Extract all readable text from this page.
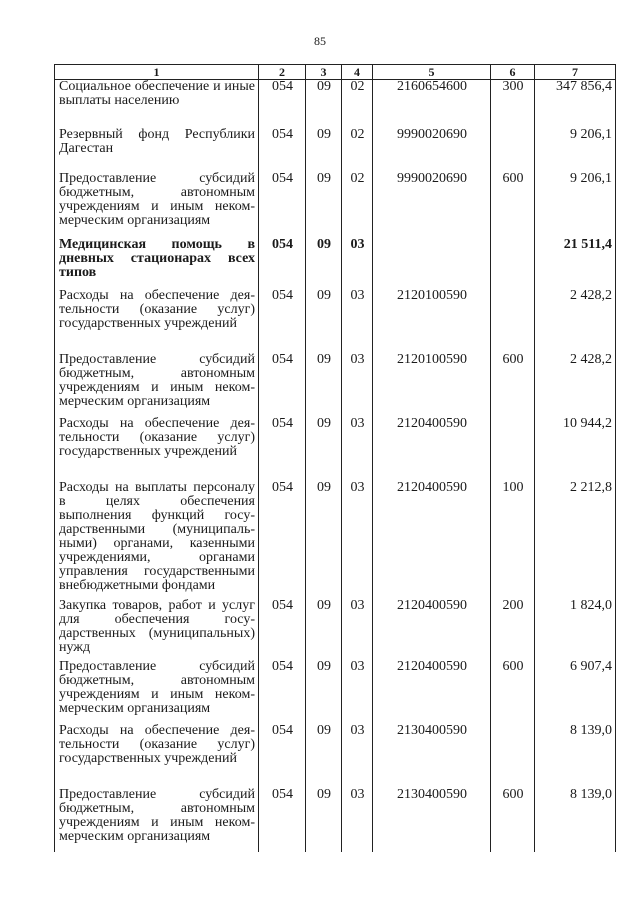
85
1	2	3	4	5	6	7
Социальное обеспечение и иные выплаты населению	054	09	02	2160654600	300	347 856,4
Резервный фонд Республики Дагестан	054	09	02	9990020690		9 206,1
Предоставление субсидий бюджетным, автономным учреждениям и иным некоммерческим организациям	054	09	02	9990020690	600	9 206,1
Медицинская помощь в дневных стационарах всех типов	054	09	03			21 511,4
Расходы на обеспечение деятельности (оказание услуг) государственных учреждений	054	09	03	2120100590		2 428,2
Предоставление субсидий бюджетным, автономным учреждениям и иным некоммерческим организациям	054	09	03	2120100590	600	2 428,2
Расходы на обеспечение деятельности (оказание услуг) государственных учреждений	054	09	03	2120400590		10 944,2
Расходы на выплаты персоналу в целях обеспечения выполнения функций государственными (муниципальными) органами, казенными учреждениями, органами управления государственными внебюджетными фондами	054	09	03	2120400590	100	2 212,8
Закупка товаров, работ и услуг для обеспечения государственных (муниципальных) нужд	054	09	03	2120400590	200	1 824,0
Предоставление субсидий бюджетным, автономным учреждениям и иным некоммерческим организациям	054	09	03	2120400590	600	6 907,4
Расходы на обеспечение деятельности (оказание услуг) государственных учреждений	054	09	03	2130400590		8 139,0
Предоставление субсидий бюджетным, автономным учреждениям и иным некоммерческим организациям	054	09	03	2130400590	600	8 139,0
